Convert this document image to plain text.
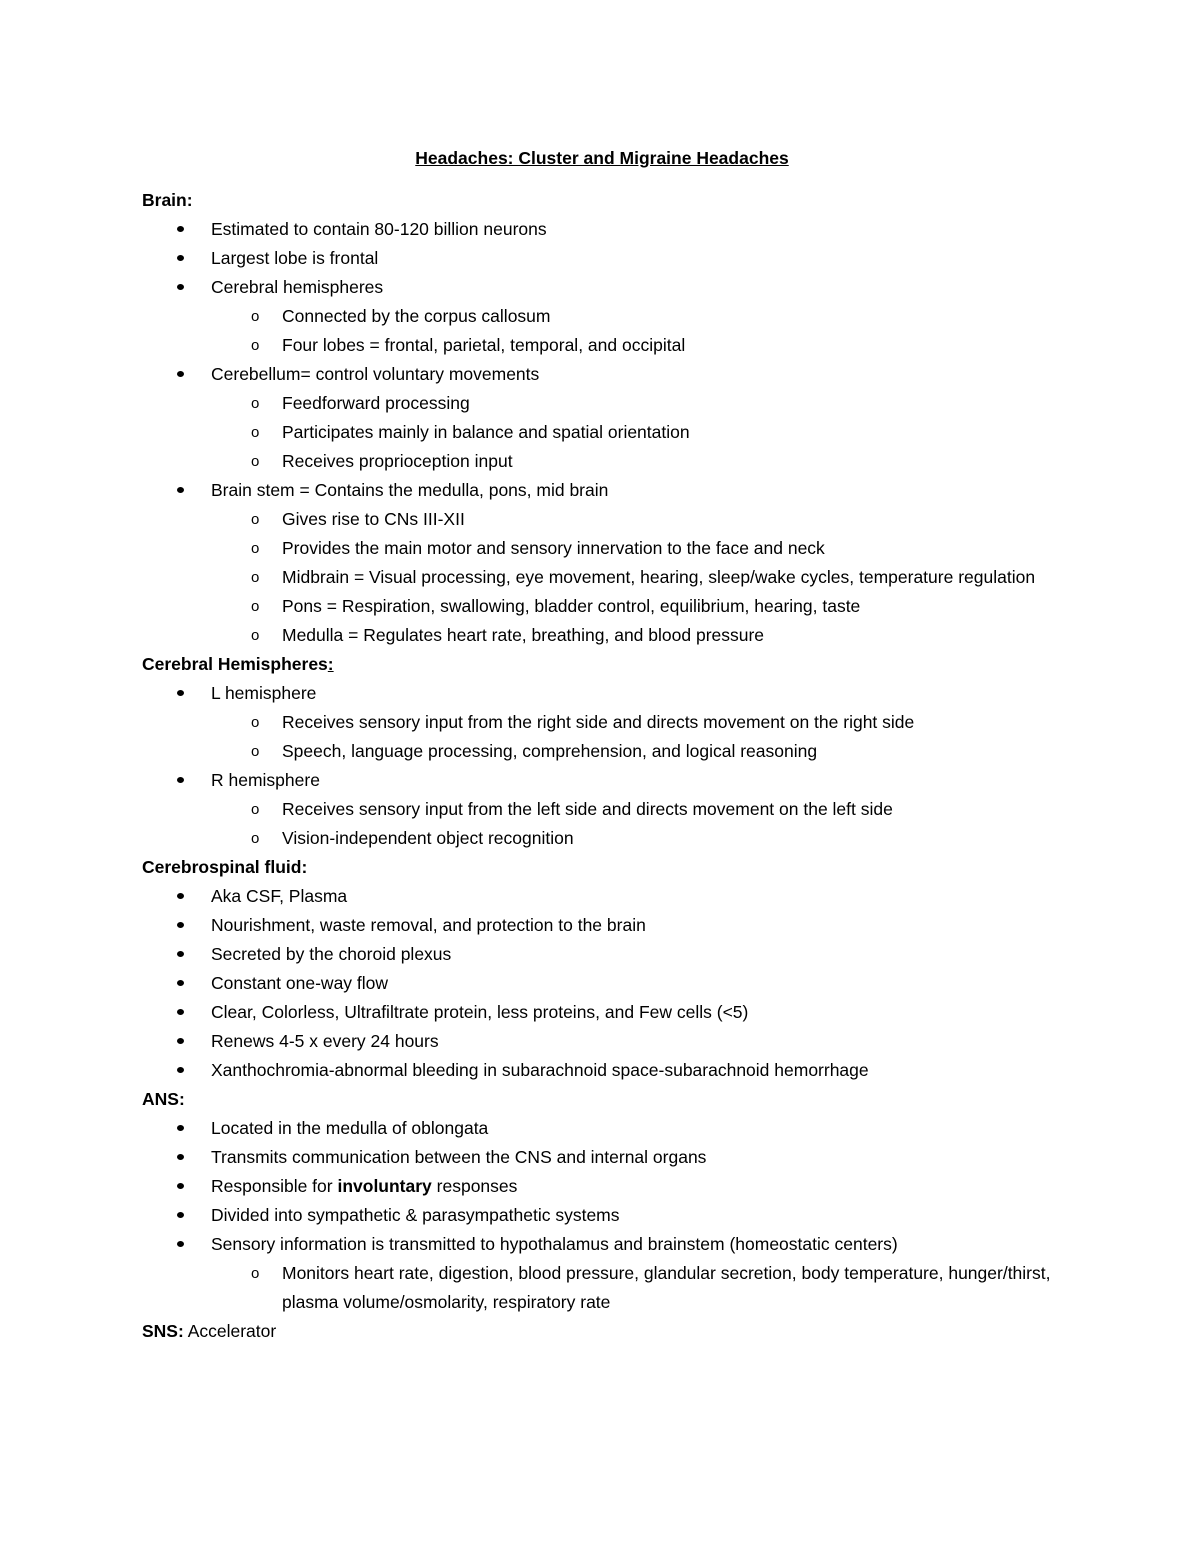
Headaches: Cluster and Migraine Headaches
Brain:
Estimated to contain 80-120 billion neurons
Largest lobe is frontal
Cerebral hemispheres
o Connected by the corpus callosum
o Four lobes = frontal, parietal, temporal, and occipital
Cerebellum= control voluntary movements
o Feedforward processing
o Participates mainly in balance and spatial orientation
o Receives proprioception input
Brain stem = Contains the medulla, pons, mid brain
o Gives rise to CNs III-XII
o Provides the main motor and sensory innervation to the face and neck
o Midbrain = Visual processing, eye movement, hearing, sleep/wake cycles, temperature regulation
o Pons = Respiration, swallowing, bladder control, equilibrium, hearing, taste
o Medulla = Regulates heart rate, breathing, and blood pressure
Cerebral Hemispheres:
L hemisphere
o Receives sensory input from the right side and directs movement on the right side
o Speech, language processing, comprehension, and logical reasoning
R hemisphere
o Receives sensory input from the left side and directs movement on the left side
o Vision-independent object recognition
Cerebrospinal fluid:
Aka CSF, Plasma
Nourishment, waste removal, and protection to the brain
Secreted by the choroid plexus
Constant one-way flow
Clear, Colorless, Ultrafiltrate protein, less proteins, and Few cells (<5)
Renews 4-5 x every 24 hours
Xanthochromia-abnormal bleeding in subarachnoid space-subarachnoid hemorrhage
ANS:
Located in the medulla of oblongata
Transmits communication between the CNS and internal organs
Responsible for involuntary responses
Divided into sympathetic & parasympathetic systems
Sensory information is transmitted to hypothalamus and brainstem (homeostatic centers)
o Monitors heart rate, digestion, blood pressure, glandular secretion, body temperature, hunger/thirst, plasma volume/osmolarity, respiratory rate
SNS: Accelerator
